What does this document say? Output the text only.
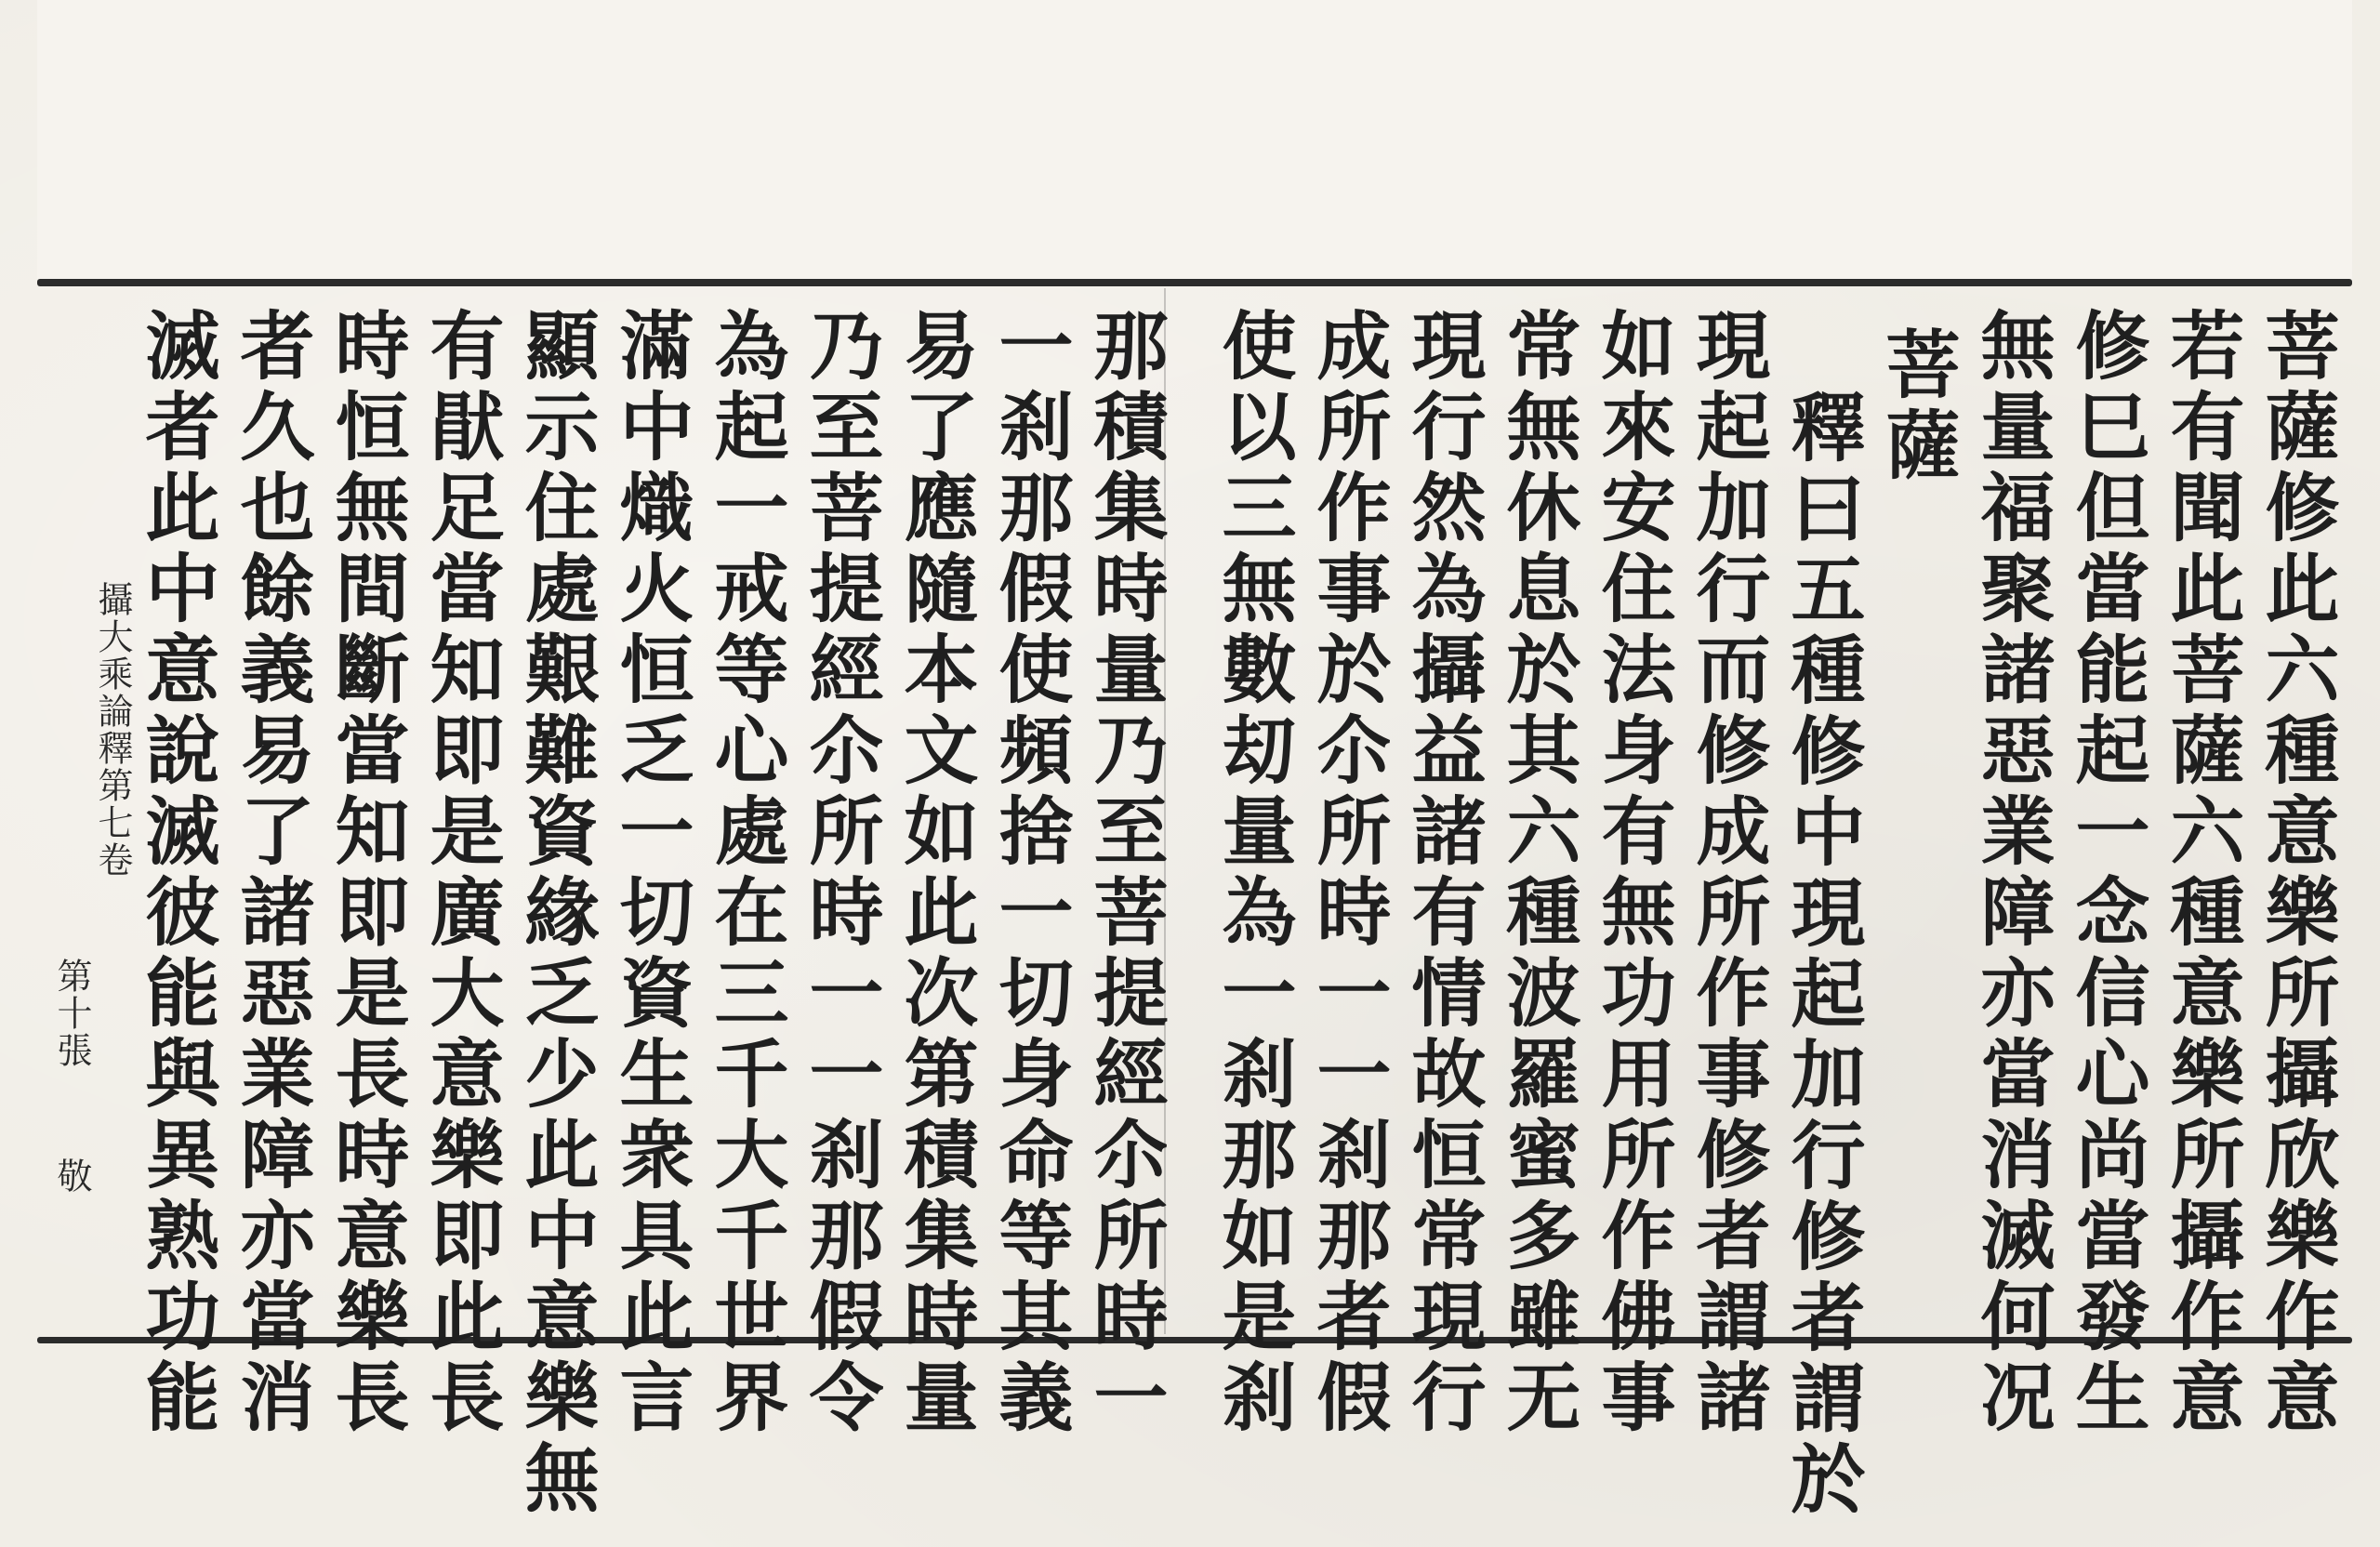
菩薩修此六種意樂所攝欣樂作意
若有聞此菩薩六種意樂所攝作意
修巳但當能起一念信心尚當發生
無量福聚諸惡業障亦當消滅何况
菩薩
釋曰五種修中現起加行修者謂於
現起加行而修成所作事修者謂諸
如來安住法身有無功用所作佛事
常無休息於其六種波羅蜜多雖无
現行然為攝益諸有情故恒常現行
成所作事於尒所時一一刹那者假
使以三無數刧量為一刹那如是刹
那積集時量乃至菩提經尒所時一
一刹那假使頻捨一切身命等其義
易了應隨本文如此次第積集時量
乃至菩提經尒所時一一刹那假令
為起一戒等心處在三千大千世界
滿中熾火恒乏一切資生衆具此言
顯示住處艱難資緣乏少此中意樂無
有猒足當知即是廣大意樂即此長
時恒無間斷當知即是長時意樂長
者久也餘義易了諸惡業障亦當消
滅者此中意說滅彼能與異熟功能
攝大乘論釋第七卷
第十張
敬
